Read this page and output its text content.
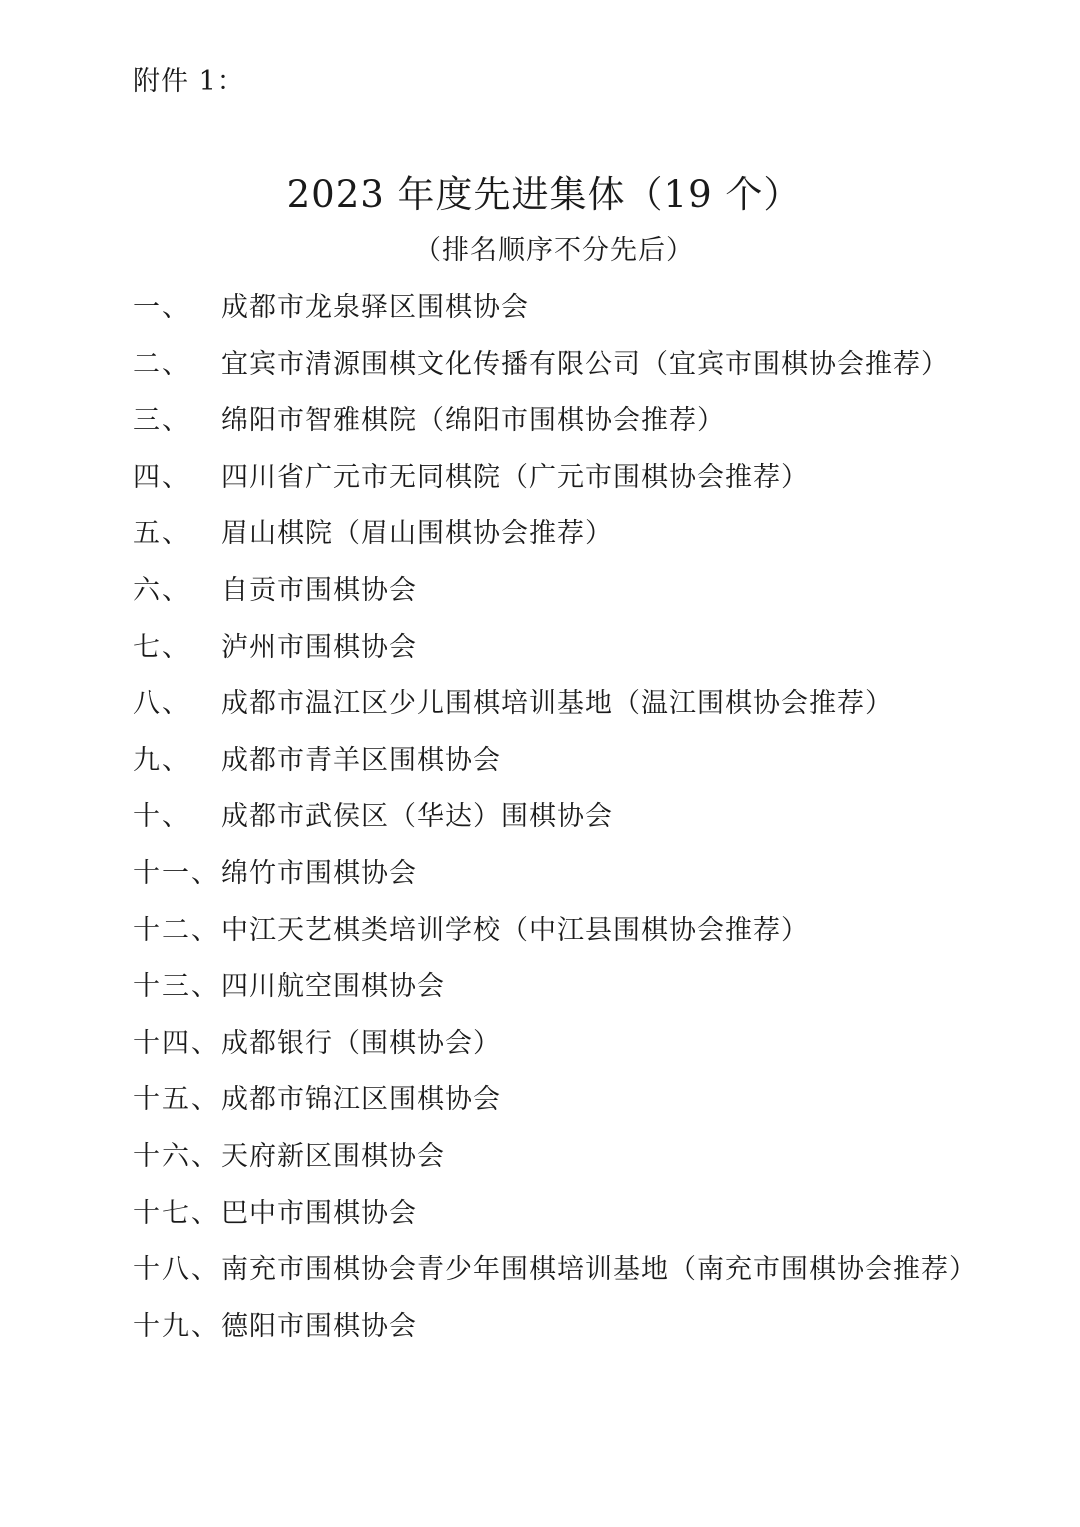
附件 1：
2023 年度先进集体（19 个）
（排名顺序不分先后）
一、	成都市龙泉驿区围棋协会
二、	宜宾市清源围棋文化传播有限公司（宜宾市围棋协会推荐）
三、	绵阳市智雅棋院（绵阳市围棋协会推荐）
四、	四川省广元市无同棋院（广元市围棋协会推荐）
五、	眉山棋院（眉山围棋协会推荐）
六、	自贡市围棋协会
七、	泸州市围棋协会
八、	成都市温江区少儿围棋培训基地（温江围棋协会推荐）
九、	成都市青羊区围棋协会
十、	成都市武侯区（华达）围棋协会
十一、 绵竹市围棋协会
十二、 中江天艺棋类培训学校（中江县围棋协会推荐）
十三、 四川航空围棋协会
十四、 成都银行（围棋协会）
十五、 成都市锦江区围棋协会
十六、 天府新区围棋协会
十七、 巴中市围棋协会
十八、 南充市围棋协会青少年围棋培训基地（南充市围棋协会推荐）
十九、 德阳市围棋协会
